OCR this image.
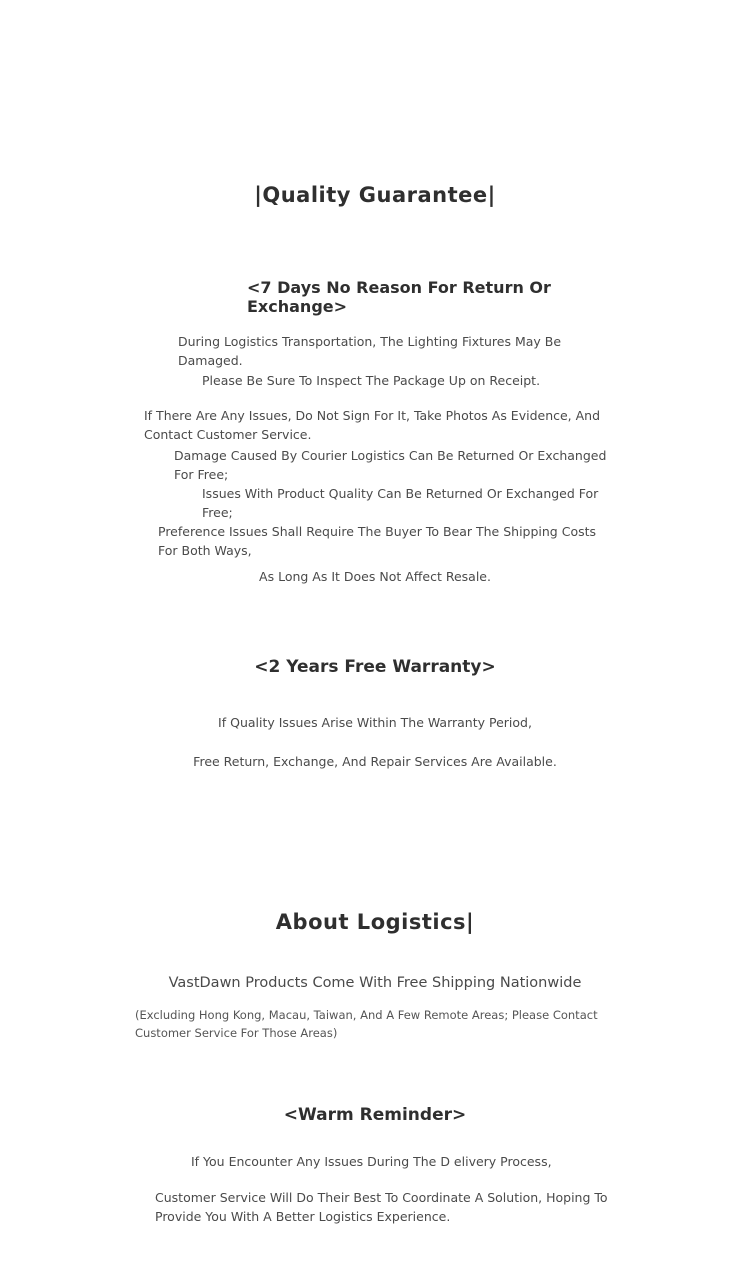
|Quality Guarantee|
<7 Days No Reason For Return Or Exchange>
During Logistics Transportation, The Lighting Fixtures May Be Damaged.
Please Be Sure To Inspect The Package Up on Receipt.
If There Are Any Issues, Do Not Sign For It, Take Photos As Evidence, And Contact Customer Service.
Damage Caused By Courier Logistics Can Be Returned Or Exchanged For Free;
Issues With Product Quality Can Be Returned Or Exchanged For Free;
Preference Issues Shall Require The Buyer To Bear The Shipping Costs For Both Ways,
As Long As It Does Not Affect Resale.
<2 Years Free Warranty>
If Quality Issues Arise Within The Warranty Period,
Free Return, Exchange, And Repair Services Are Available.
About Logistics|
VastDawn Products Come With Free Shipping Nationwide
(Excluding Hong Kong, Macau, Taiwan, And A Few Remote Areas; Please Contact Customer Service For Those Areas)
<Warm Reminder>
If You Encounter Any Issues During The D elivery Process,
Customer Service Will Do Their Best To Coordinate A Solution, Hoping To Provide You With A Better Logistics Experience.
